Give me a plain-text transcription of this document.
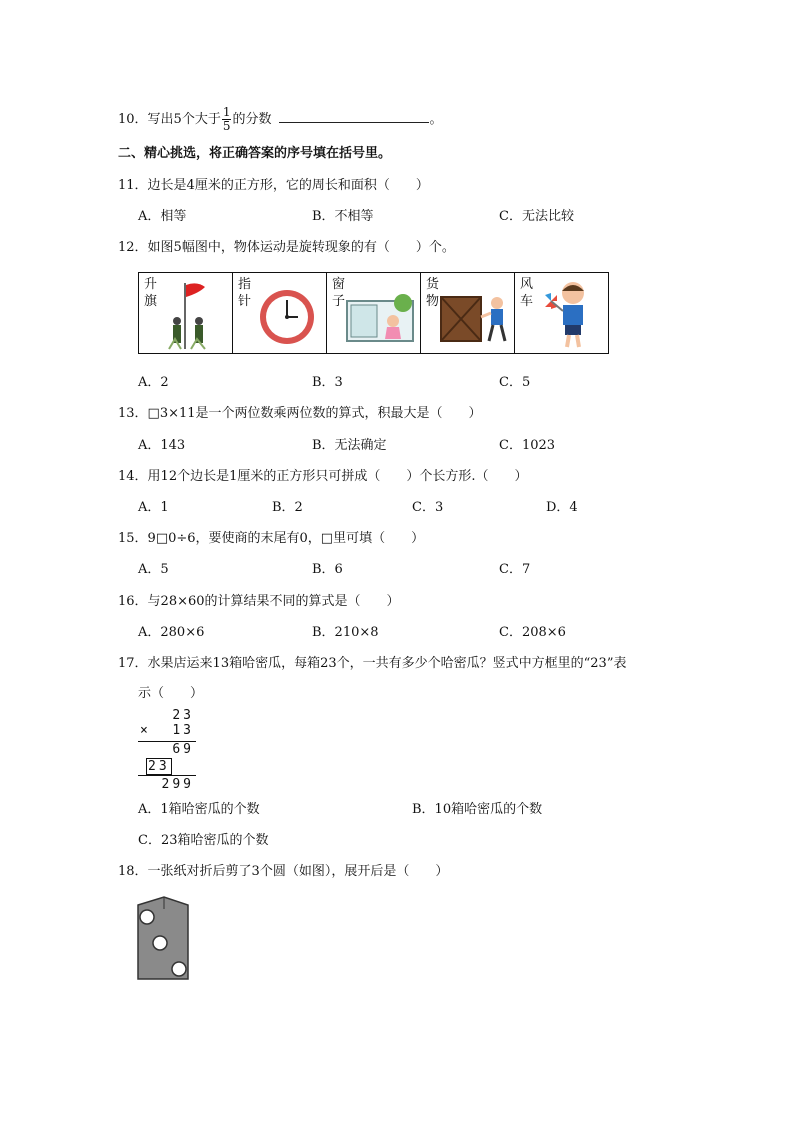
10．写出5个大于 $\frac{1}{5}$ 的分数	。
二、精心挑选，将正确答案的序号填在括号里。
11．边长是4厘米的正方形，它的周长和面积（　　）
A．相等	B．不相等	C．无法比较
12．如图5幅图中，物体运动是旋转现象的有（　　）个。
升旗
指针
窗子
货物
风车
A．2	B．3	C．5
13．□3×11是一个两位数乘两位数的算式，积最大是（　　）
A．143	B．无法确定	C．1023
14．用12个边长是1厘米的正方形只可拼成（　　）个长方形.（　　）
A．1	B．2	C．3	D．4
15．9□0÷6，要使商的末尾有0，□里可填（　　）
A．5	B．6	C．7
16．与28×60的计算结果不同的算式是（　　）
A．280×6	B．210×8	C．208×6
17．水果店运来13箱哈密瓜，每箱23个，一共有多少个哈密瓜？竖式中方框里的“23”表
示（　　）
23
× 13
69
23
299
A．1箱哈密瓜的个数	B．10箱哈密瓜的个数
C．23箱哈密瓜的个数
18．一张纸对折后剪了3个圆（如图），展开后是（　　）
